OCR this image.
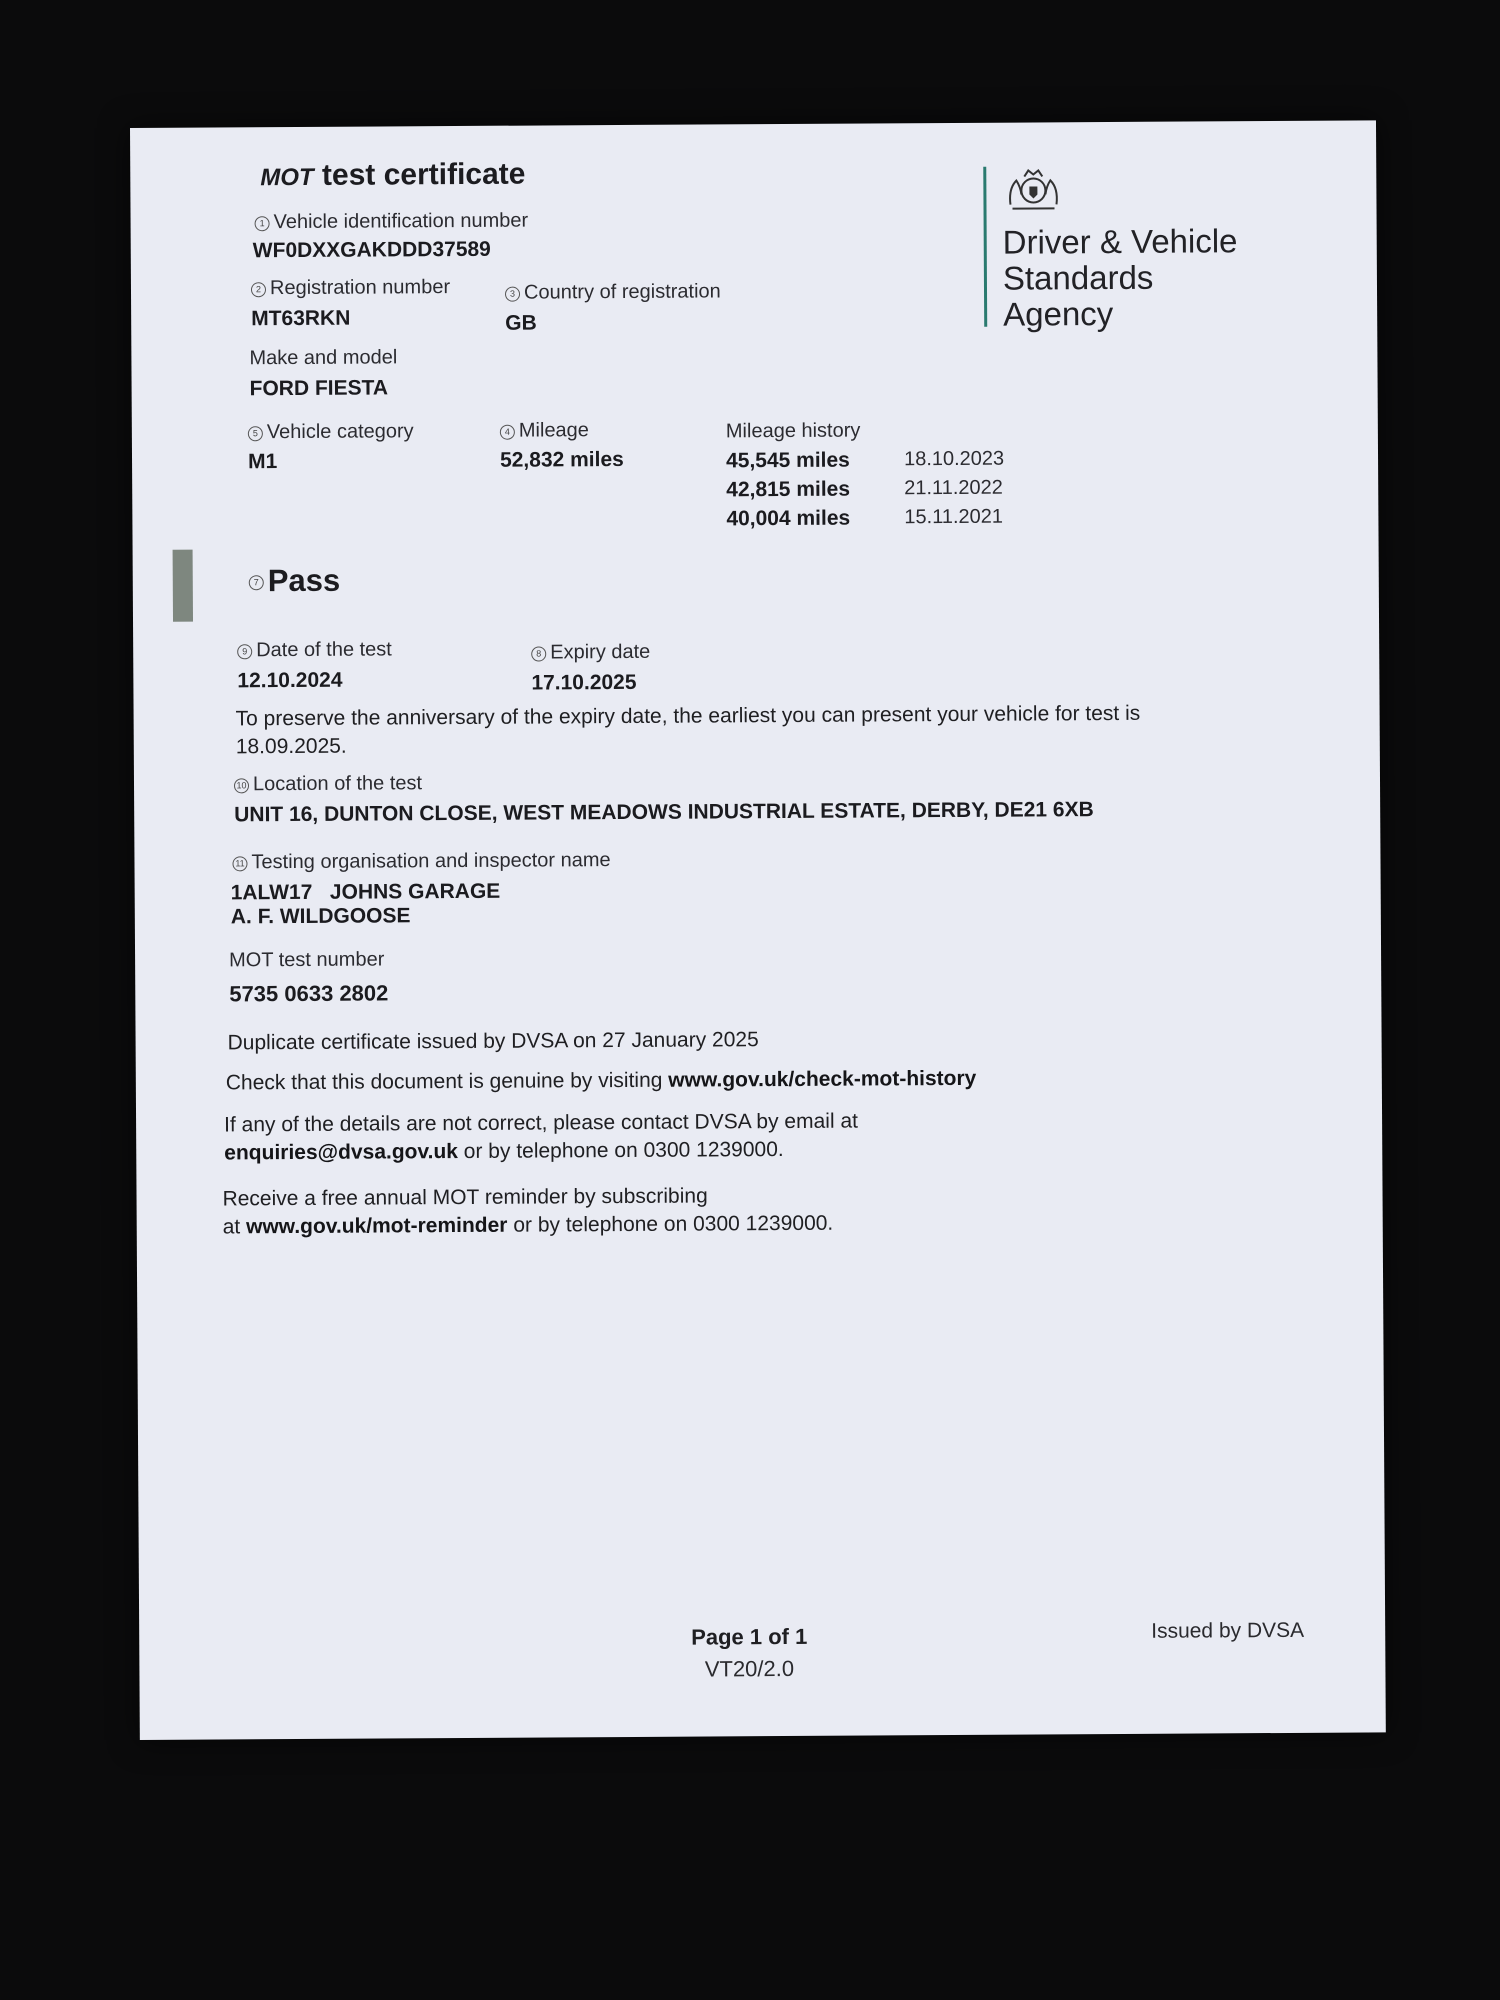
MOT test certificate
Driver & Vehicle
Standards
Agency
1 Vehicle identification number
WF0DXXGAKDDD37589
2 Registration number
MT63RKN
3 Country of registration
GB
Make and model
FORD FIESTA
5 Vehicle category
M1
4 Mileage
52,832 miles
Mileage history
45,545 miles	18.10.2023
42,815 miles	21.11.2022
40,004 miles	15.11.2021
7 Pass
9 Date of the test
12.10.2024
8 Expiry date
17.10.2025
To preserve the anniversary of the expiry date, the earliest you can present your vehicle for test is 18.09.2025.
10 Location of the test
UNIT 16, DUNTON CLOSE, WEST MEADOWS INDUSTRIAL ESTATE, DERBY, DE21 6XB
11 Testing organisation and inspector name
1ALW17 JOHNS GARAGE
A. F. WILDGOOSE
MOT test number
5735 0633 2802
Duplicate certificate issued by DVSA on 27 January 2025
Check that this document is genuine by visiting www.gov.uk/check-mot-history
If any of the details are not correct, please contact DVSA by email at
enquiries@dvsa.gov.uk or by telephone on 0300 1239000.
Receive a free annual MOT reminder by subscribing
at www.gov.uk/mot-reminder or by telephone on 0300 1239000.
Page 1 of 1
VT20/2.0
Issued by DVSA
